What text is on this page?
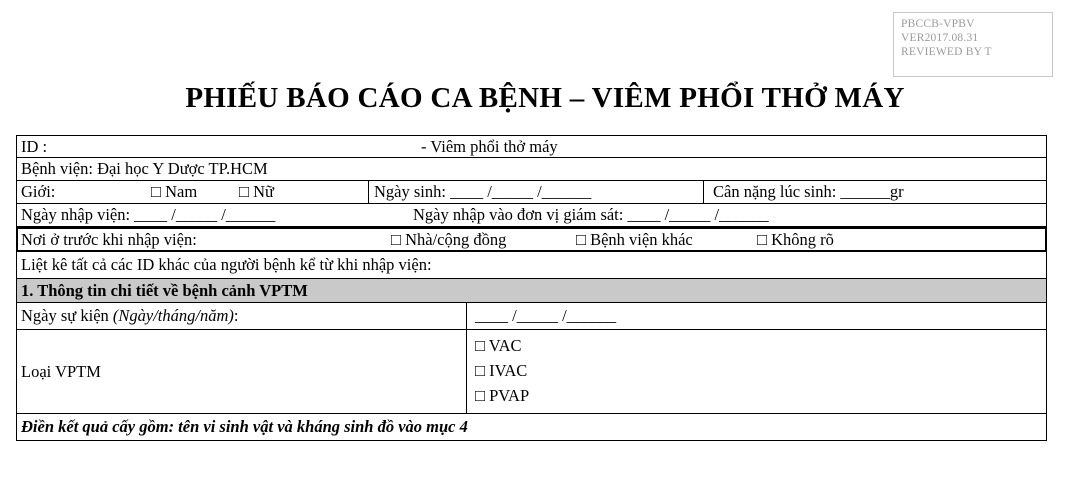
PBCCB-VPBV
VER2017.08.31
REVIEWED BY T
PHIẾU BÁO CÁO CA BỆNH – VIÊM PHỔI THỞ MÁY
ID :	- Viêm phổi thở máy
Bệnh viện: Đại học Y Dược TP.HCM
Giới:	□ Nam	□ Nữ	Ngày sinh: ____ /_____ /______	Cân nặng lúc sinh: ______gr
Ngày nhập viện: ____ /_____ /______	Ngày nhập vào đơn vị giám sát: ____ /_____ /______
Nơi ở trước khi nhập viện:	□ Nhà/cộng đồng	□ Bệnh viện khác	□ Không rõ
Liệt kê tất cả các ID khác của người bệnh kể từ khi nhập viện:
1. Thông tin chi tiết về bệnh cảnh VPTM
Ngày sự kiện
(Ngày/tháng/năm) :	____ /_____ /______
Loại VPTM
□ VAC
□ IVAC
□ PVAP
Điền kết quả cấy gồm: tên vi sinh vật và kháng sinh đồ vào mục 4
